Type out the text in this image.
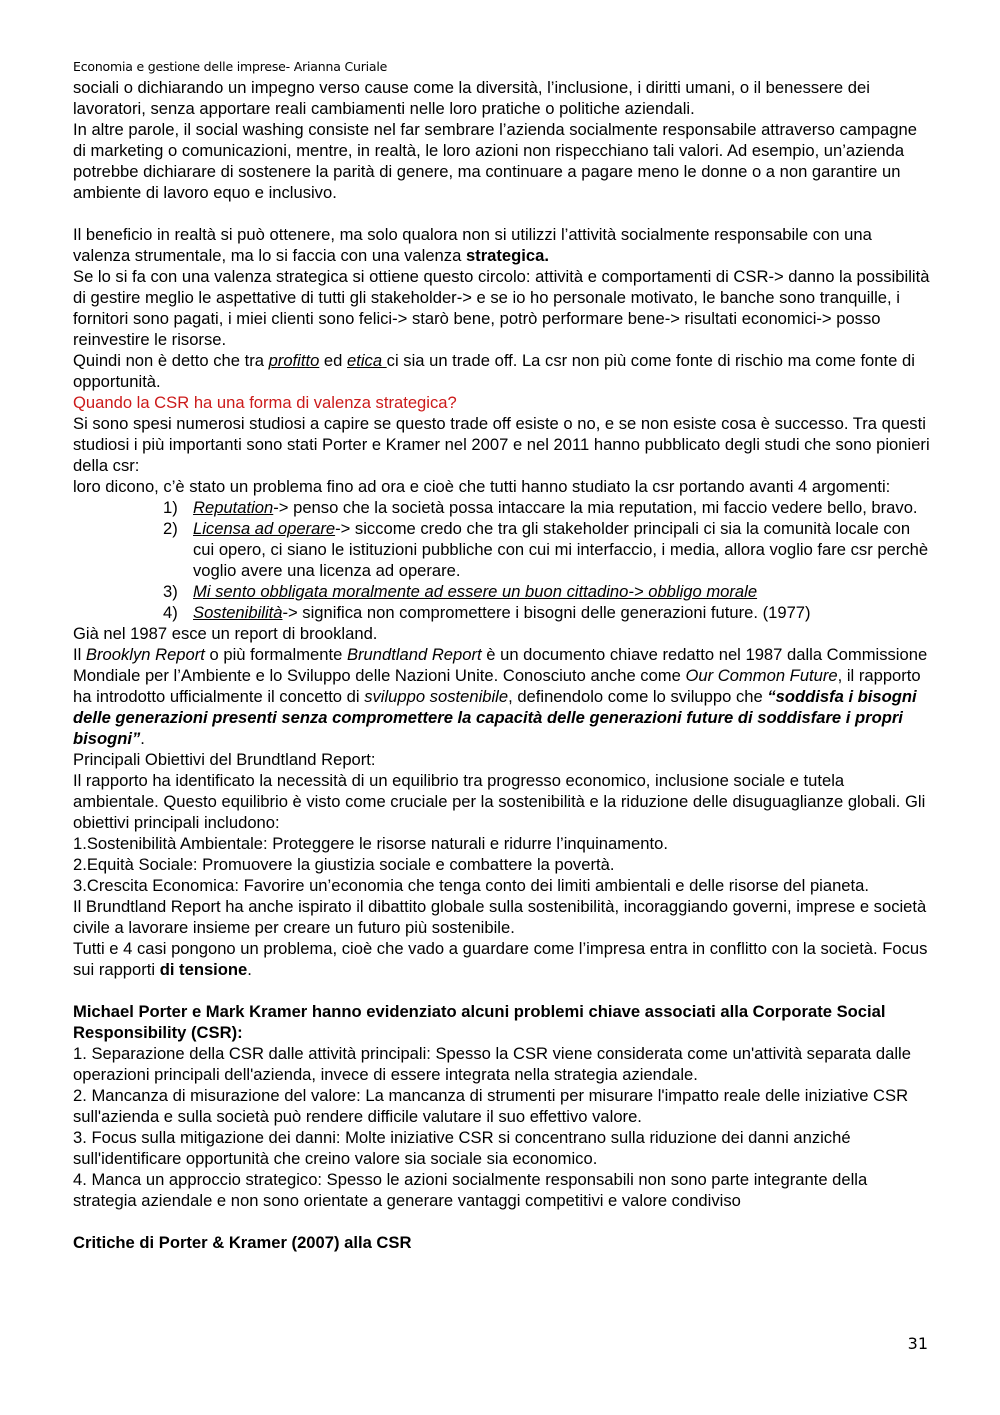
Economia e gestione delle imprese- Arianna Curiale

sociali o dichiarando un impegno verso cause come la diversità, l’inclusione, i diritti umani, o il benessere dei lavoratori, senza apportare reali cambiamenti nelle loro pratiche o politiche aziendali.

In altre parole, il social washing consiste nel far sembrare l’azienda socialmente responsabile attraverso campagne di marketing o comunicazioni, mentre, in realtà, le loro azioni non rispecchiano tali valori. Ad esempio, un’azienda potrebbe dichiarare di sostenere la parità di genere, ma continuare a pagare meno le donne o a non garantire un ambiente di lavoro equo e inclusivo.

Il beneficio in realtà si può ottenere, ma solo qualora non si utilizzi l’attività socialmente responsabile con una valenza strumentale, ma lo si faccia con una valenza strategica.

Se lo si fa con una valenza strategica si ottiene questo circolo: attività e comportamenti di CSR-> danno la possibilità di gestire meglio le aspettative di tutti gli stakeholder-> e se io ho personale motivato, le banche sono tranquille, i fornitori sono pagati, i miei clienti sono felici-> starò bene, potrò performare bene-> risultati economici-> posso reinvestire le risorse.

Quindi non è detto che tra profitto ed etica ci sia un trade off. La csr non più come fonte di rischio ma come fonte di opportunità.

Quando la CSR ha una forma di valenza strategica?

Si sono spesi numerosi studiosi a capire se questo trade off esiste o no, e se non esiste cosa è successo. Tra questi studiosi i più importanti sono stati Porter e Kramer nel 2007 e nel 2011 hanno pubblicato degli studi che sono pionieri della csr:

loro dicono, c’è stato un problema fino ad ora e cioè che tutti hanno studiato la csr portando avanti 4 argomenti:

1) Reputation-> penso che la società possa intaccare la mia reputation, mi faccio vedere bello, bravo.
2) Licensa ad operare-> siccome credo che tra gli stakeholder principali ci sia la comunità locale con cui opero, ci siano le istituzioni pubbliche con cui mi interfaccio, i media, allora voglio fare csr perchè voglio avere una licenza ad operare.
3) Mi sento obbligata moralmente ad essere un buon cittadino-> obbligo morale
4) Sostenibilità-> significa non compromettere i bisogni delle generazioni future. (1977)

Già nel 1987 esce un report di brookland.

Il Brooklyn Report o più formalmente Brundtland Report è un documento chiave redatto nel 1987 dalla Commissione Mondiale per l’Ambiente e lo Sviluppo delle Nazioni Unite. Conosciuto anche come Our Common Future, il rapporto ha introdotto ufficialmente il concetto di sviluppo sostenibile, definendolo come lo sviluppo che “soddisfa i bisogni delle generazioni presenti senza compromettere la capacità delle generazioni future di soddisfare i propri bisogni”.

Principali Obiettivi del Brundtland Report:

Il rapporto ha identificato la necessità di un equilibrio tra progresso economico, inclusione sociale e tutela ambientale. Questo equilibrio è visto come cruciale per la sostenibilità e la riduzione delle disuguaglianze globali. Gli obiettivi principali includono:

1.Sostenibilità Ambientale: Proteggere le risorse naturali e ridurre l’inquinamento.

2.Equità Sociale: Promuovere la giustizia sociale e combattere la povertà.

3.Crescita Economica: Favorire un’economia che tenga conto dei limiti ambientali e delle risorse del pianeta.

Il Brundtland Report ha anche ispirato il dibattito globale sulla sostenibilità, incoraggiando governi, imprese e società civile a lavorare insieme per creare un futuro più sostenibile.

Tutti e 4 casi pongono un problema, cioè che vado a guardare come l’impresa entra in conflitto con la società. Focus sui rapporti di tensione.

Michael Porter e Mark Kramer hanno evidenziato alcuni problemi chiave associati alla Corporate Social Responsibility (CSR):

1. Separazione della CSR dalle attività principali: Spesso la CSR viene considerata come un'attività separata dalle operazioni principali dell'azienda, invece di essere integrata nella strategia aziendale.

2. Mancanza di misurazione del valore: La mancanza di strumenti per misurare l'impatto reale delle iniziative CSR sull'azienda e sulla società può rendere difficile valutare il suo effettivo valore.

3. Focus sulla mitigazione dei danni: Molte iniziative CSR si concentrano sulla riduzione dei danni anziché sull'identificare opportunità che creino valore sia sociale sia economico.

4. Manca un approccio strategico: Spesso le azioni socialmente responsabili non sono parte integrante della strategia aziendale e non sono orientate a generare vantaggi competitivi e valore condiviso

Critiche di Porter & Kramer (2007) alla CSR

31
